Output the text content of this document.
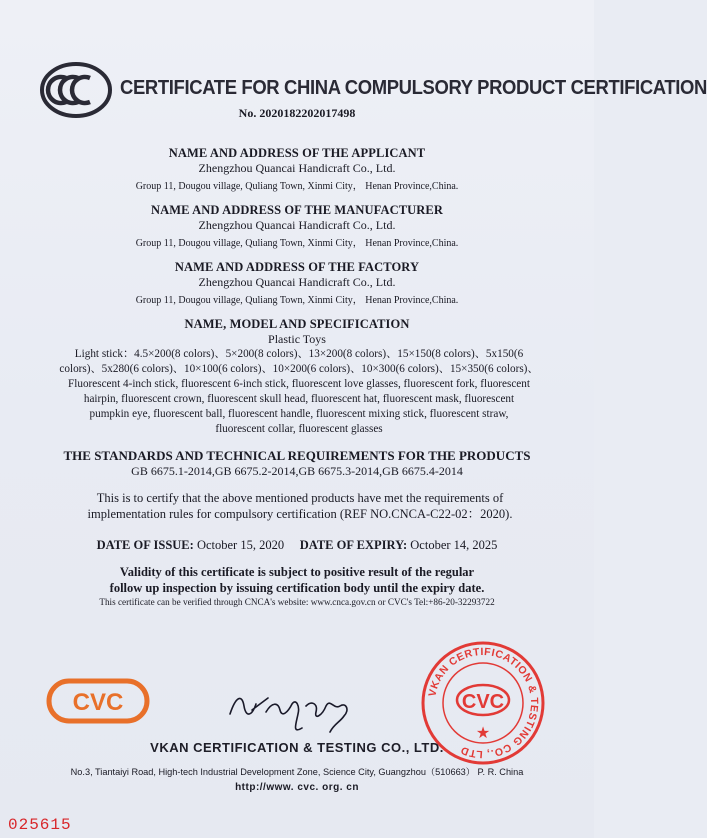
CERTIFICATE FOR CHINA COMPULSORY PRODUCT CERTIFICATION
No. 2020182202017498
NAME AND ADDRESS OF THE APPLICANT
Zhengzhou Quancai Handicraft Co., Ltd.
Group 11, Dougou village, Quliang Town, Xinmi City， Henan Province,China.
NAME AND ADDRESS OF THE MANUFACTURER
Zhengzhou Quancai Handicraft Co., Ltd.
Group 11, Dougou village, Quliang Town, Xinmi City， Henan Province,China.
NAME AND ADDRESS OF THE FACTORY
Zhengzhou Quancai Handicraft Co., Ltd.
Group 11, Dougou village, Quliang Town, Xinmi City， Henan Province,China.
NAME, MODEL AND SPECIFICATION
Plastic Toys
Light stick：4.5×200(8 colors)、5×200(8 colors)、13×200(8 colors)、15×150(8 colors)、5x150(6
colors)、5x280(6 colors)、10×100(6 colors)、10×200(6 colors)、10×300(6 colors)、15×350(6 colors)、
Fluorescent 4-inch stick, fluorescent 6-inch stick, fluorescent love glasses, fluorescent fork, fluorescent
hairpin, fluorescent crown, fluorescent skull head, fluorescent hat, fluorescent mask, fluorescent
pumpkin eye, fluorescent ball, fluorescent handle, fluorescent mixing stick, fluorescent straw,
fluorescent collar, fluorescent glasses
THE STANDARDS AND TECHNICAL REQUIREMENTS FOR THE PRODUCTS
GB 6675.1-2014,GB 6675.2-2014,GB 6675.3-2014,GB 6675.4-2014
This is to certify that the above mentioned products have met the requirements of
implementation rules for compulsory certification (REF NO.CNCA-C22-02：2020).
DATE OF ISSUE: October 15, 2020 DATE OF EXPIRY: October 14, 2025
Validity of this certificate is subject to positive result of the regular
follow up inspection by issuing certification body until the expiry date.
This certificate can be verified through CNCA's website: www.cnca.gov.cn or CVC's Tel:+86-20-32293722
CVC	VKAN CERTIFICATION & TESTING CO., LTD
CVC
★
VKAN CERTIFICATION & TESTING CO., LTD.
No.3, Tiantaiyi Road, High-tech Industrial Development Zone, Science City, Guangzhou（510663） P. R. China
http://www. cvc. org. cn
025615
